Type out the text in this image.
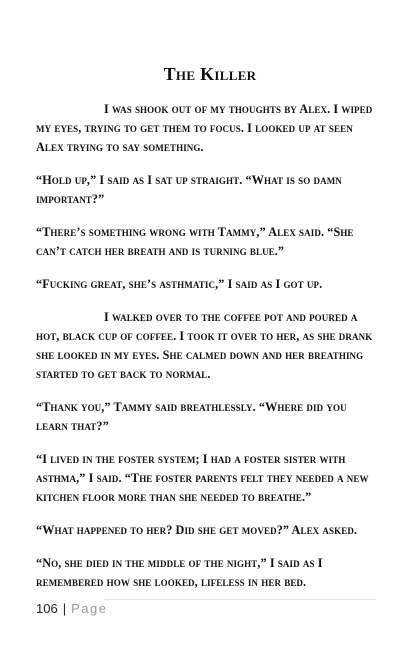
The Killer

I was shook out of my thoughts by Alex. I wiped my eyes, trying to get them to focus. I looked up at seen Alex trying to say something.

“Hold up,” I said as I sat up straight. “What is so damn important?”

“There’s something wrong with Tammy,” Alex said. “She can’t catch her breath and is turning blue.”

“Fucking great, she’s asthmatic,” I said as I got up.

I walked over to the coffee pot and poured a hot, black cup of coffee. I took it over to her, as she drank she looked in my eyes. She calmed down and her breathing started to get back to normal.

“Thank you,” Tammy said breathlessly. “Where did you learn that?”

“I lived in the foster system; I had a foster sister with asthma,” I said. “The foster parents felt they needed a new kitchen floor more than she needed to breathe.”

“What happened to her? Did she get moved?” Alex asked.

“No, she died in the middle of the night,” I said as I remembered how she looked, lifeless in her bed.

106 | Page
